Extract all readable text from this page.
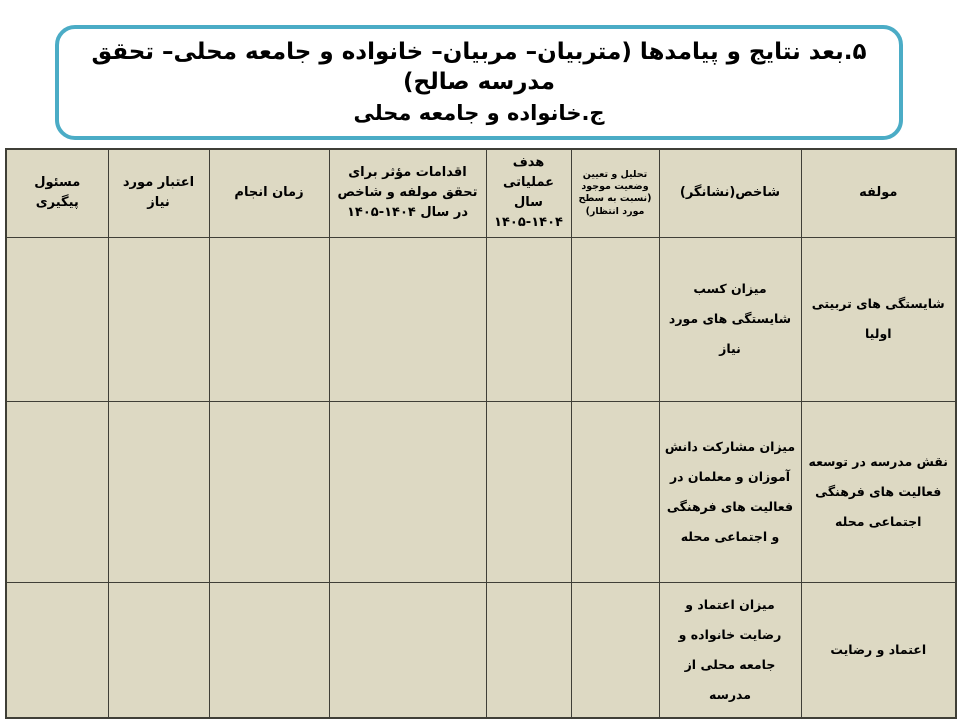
۵.بعد نتایج و پیامدها (متربیان– مربیان– خانواده و جامعه محلی– تحقق مدرسه صالح)
ج.خانواده و جامعه محلی
مولفه	شاخص(نشانگر)	تحلیل و تعیین وضعیت موجود (نسبت به سطح مورد انتظار)	هدف عملیاتی سال ۱۴۰۴-۱۴۰۵	اقدامات مؤثر برای تحقق مولفه و شاخص در سال ۱۴۰۴-۱۴۰۵	زمان انجام	اعتبار مورد نیاز	مسئول پیگیری
شایستگی های تربیتی اولیا	میزان کسب شایستگی های مورد نیاز						
نقش مدرسه در توسعه فعالیت های فرهنگی اجتماعی محله	میزان مشارکت دانش آموزان و معلمان در فعالیت های فرهنگی و اجتماعی محله						
اعتماد و رضایت	میزان اعتماد و رضایت خانواده و جامعه محلی از مدرسه						
